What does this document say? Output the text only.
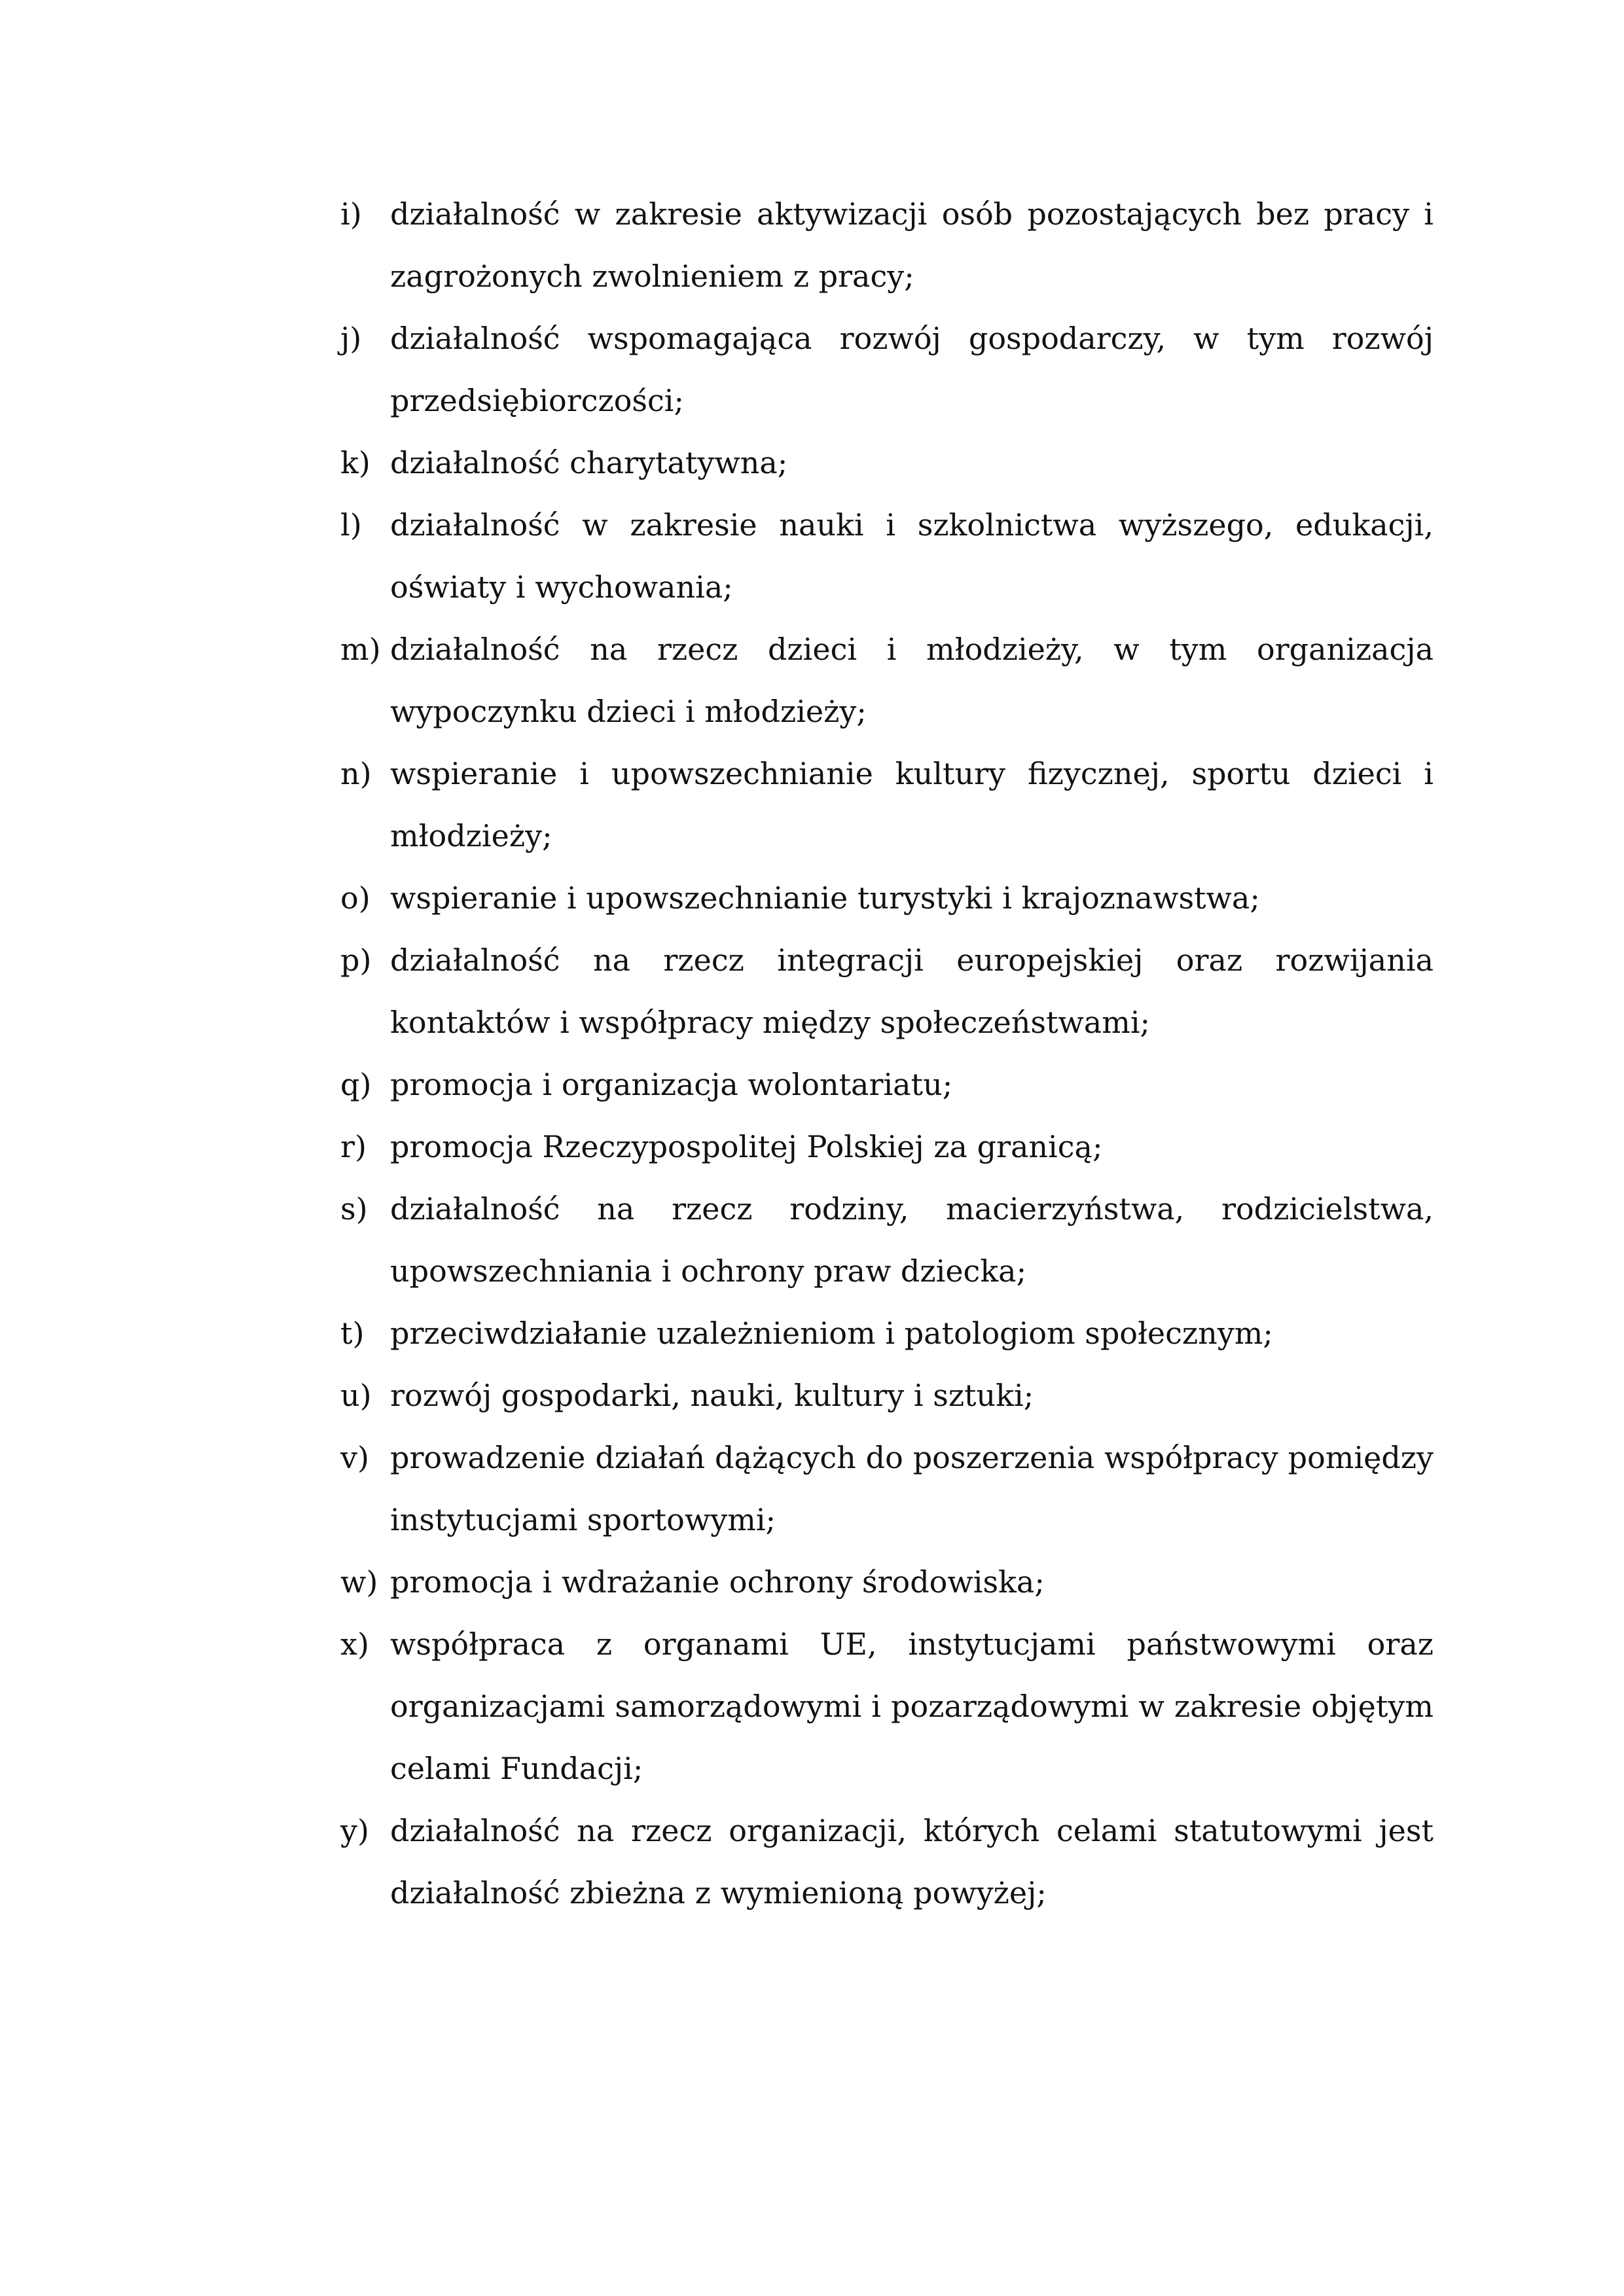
i) działalność w zakresie aktywizacji osób pozostających bez pracy i zagrożonych zwolnieniem z pracy;
j) działalność wspomagająca rozwój gospodarczy, w tym rozwój przedsiębiorczości;
k) działalność charytatywna;
l) działalność w zakresie nauki i szkolnictwa wyższego, edukacji, oświaty i wychowania;
m) działalność na rzecz dzieci i młodzieży, w tym organizacja wypoczynku dzieci i młodzieży;
n) wspieranie i upowszechnianie kultury fizycznej, sportu dzieci i młodzieży;
o) wspieranie i upowszechnianie turystyki i krajoznawstwa;
p) działalność na rzecz integracji europejskiej oraz rozwijania kontaktów i współpracy między społeczeństwami;
q) promocja i organizacja wolontariatu;
r) promocja Rzeczypospolitej Polskiej za granicą;
s) działalność na rzecz rodziny, macierzyństwa, rodzicielstwa, upowszechniania i ochrony praw dziecka;
t) przeciwdziałanie uzależnieniom i patologiom społecznym;
u) rozwój gospodarki, nauki, kultury i sztuki;
v) prowadzenie działań dążących do poszerzenia współpracy pomiędzy instytucjami sportowymi;
w) promocja i wdrażanie ochrony środowiska;
x) współpraca z organami UE, instytucjami państwowymi oraz organizacjami samorządowymi i pozarządowymi w zakresie objętym celami Fundacji;
y) działalność na rzecz organizacji, których celami statutowymi jest działalność zbieżna z wymienioną powyżej;
